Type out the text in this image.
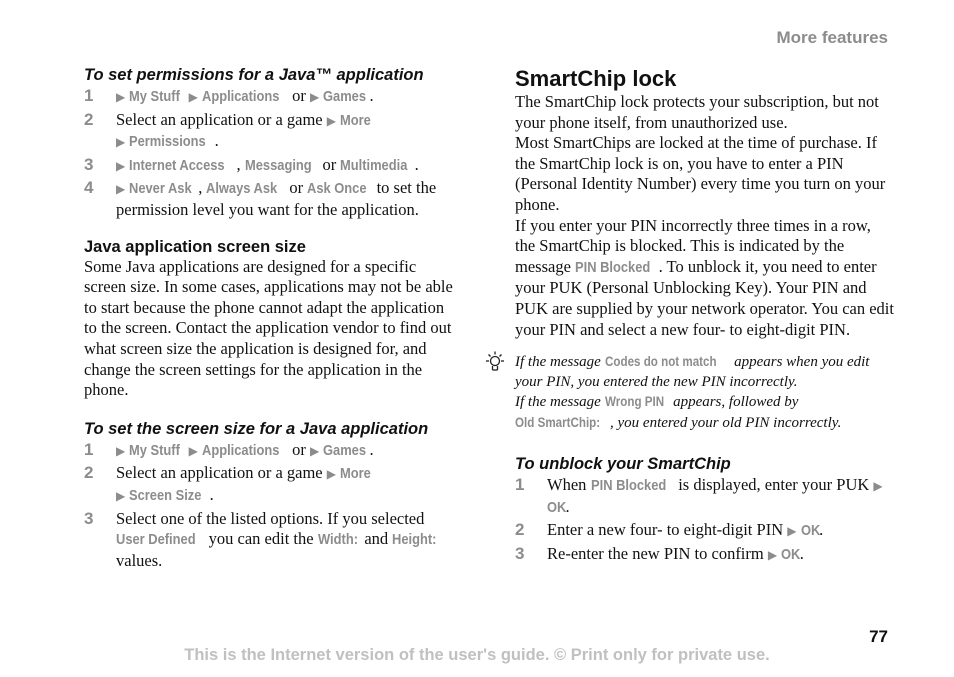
More features
To set permissions for a Java™ application
1	▶ My Stuff ▶ Applications or ▶ Games .
2	Select an application or a game ▶ More
▶ Permissions .
3	▶ Internet Access , Messaging or Multimedia .
4	▶ Never Ask , Always Ask or Ask Once to set the permission level you want for the application.
Java application screen size

Some Java applications are designed for a specific screen size. In some cases, applications may not be able to start because the phone cannot adapt the application to the screen. Contact the application vendor to find out what screen size the application is designed for, and change the screen settings for the application in the phone.

To set the screen size for a Java application
1	▶ My Stuff ▶ Applications or ▶ Games .
2	Select an application or a game ▶ More
▶ Screen Size .
3	Select one of the listed options. If you selected User Defined you can edit the Width: and Height: values.
SmartChip lock

The SmartChip lock protects your subscription, but not your phone itself, from unauthorized use.

Most SmartChips are locked at the time of purchase. If the SmartChip lock is on, you have to enter a PIN (Personal Identity Number) every time you turn on your phone.

If you enter your PIN incorrectly three times in a row, the SmartChip is blocked. This is indicated by the message PIN Blocked . To unblock it, you need to enter your PUK (Personal Unblocking Key). Your PIN and PUK are supplied by your network operator. You can edit your PIN and select a new four- to eight-digit PIN.

If the message Codes do not match appears when you edit your PIN, you entered the new PIN incorrectly.
If the message Wrong PIN appears, followed by Old SmartChip: , you entered your old PIN incorrectly.
To unblock your SmartChip
1	When PIN Blocked is displayed, enter your PUK ▶ OK.
2	Enter a new four- to eight-digit PIN ▶ OK.
3	Re-enter the new PIN to confirm ▶ OK.
77
This is the Internet version of the user's guide. © Print only for private use.
